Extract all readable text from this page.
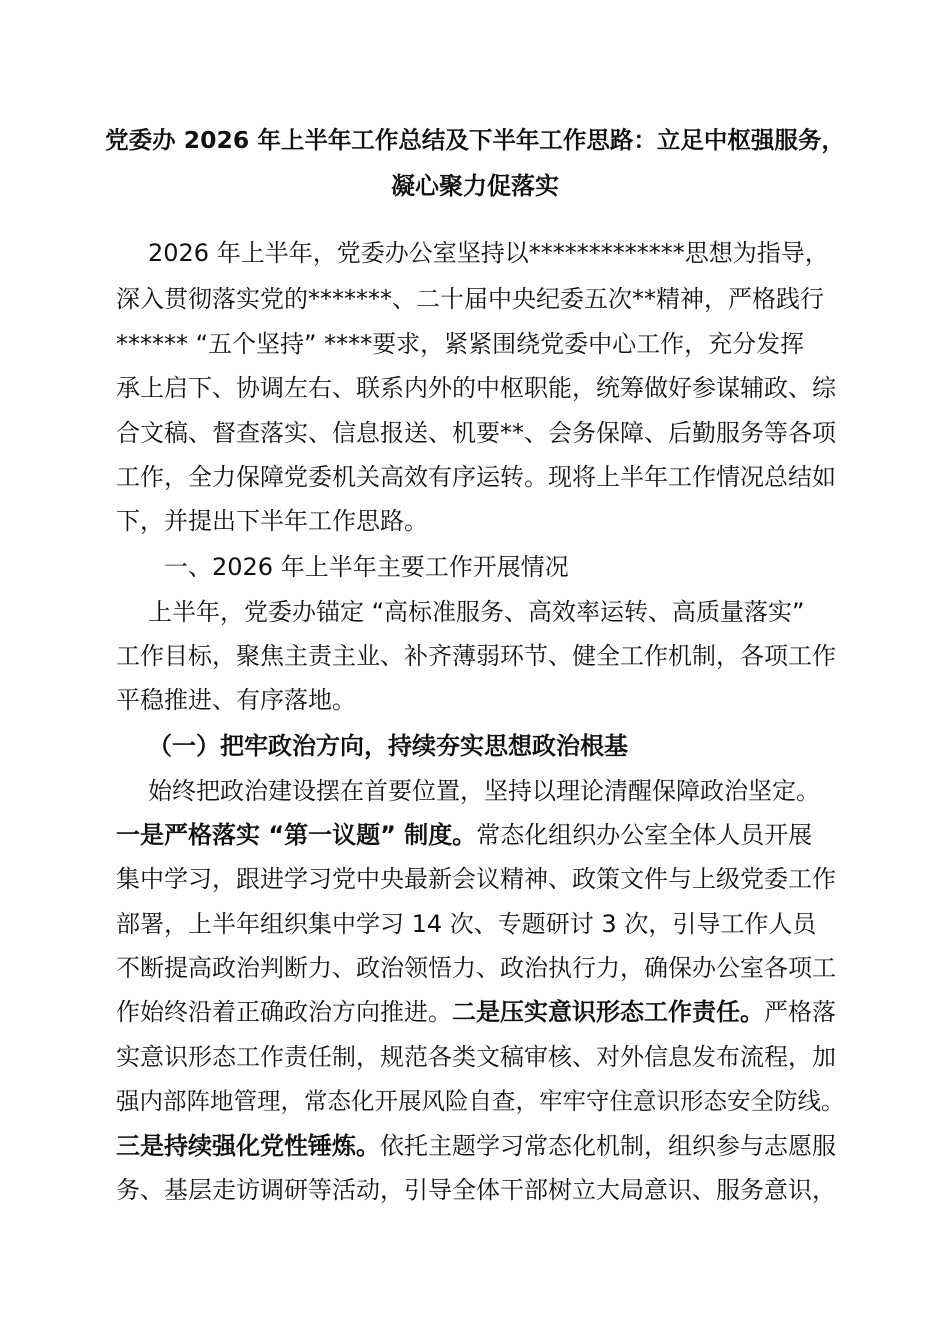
党委办 2026 年上半年工作总结及下半年工作思路：立足中枢强服务，
凝心聚力促落实
2026 年上半年，党委办公室坚持以*************思想为指导，
深入贯彻落实党的*******、二十届中央纪委五次**精神，严格践行
****** “五个坚持” ****要求，紧紧围绕党委中心工作，充分发挥
承上启下、协调左右、联系内外的中枢职能，统筹做好参谋辅政、综
合文稿、督查落实、信息报送、机要**、会务保障、后勤服务等各项
工作，全力保障党委机关高效有序运转。现将上半年工作情况总结如
下，并提出下半年工作思路。
一、2026 年上半年主要工作开展情况
上半年，党委办锚定 “高标准服务、高效率运转、高质量落实”
工作目标，聚焦主责主业、补齐薄弱环节、健全工作机制，各项工作
平稳推进、有序落地。
（一）把牢政治方向，持续夯实思想政治根基
始终把政治建设摆在首要位置，坚持以理论清醒保障政治坚定。
一是严格落实 “第一议题” 制度。常态化组织办公室全体人员开展
集中学习，跟进学习党中央最新会议精神、政策文件与上级党委工作
部署，上半年组织集中学习 14 次、专题研讨 3 次，引导工作人员
不断提高政治判断力、政治领悟力、政治执行力，确保办公室各项工
作始终沿着正确政治方向推进。二是压实意识形态工作责任。严格落
实意识形态工作责任制，规范各类文稿审核、对外信息发布流程，加
强内部阵地管理，常态化开展风险自查，牢牢守住意识形态安全防线。
三是持续强化党性锤炼。依托主题学习常态化机制，组织参与志愿服
务、基层走访调研等活动，引导全体干部树立大局意识、服务意识，
